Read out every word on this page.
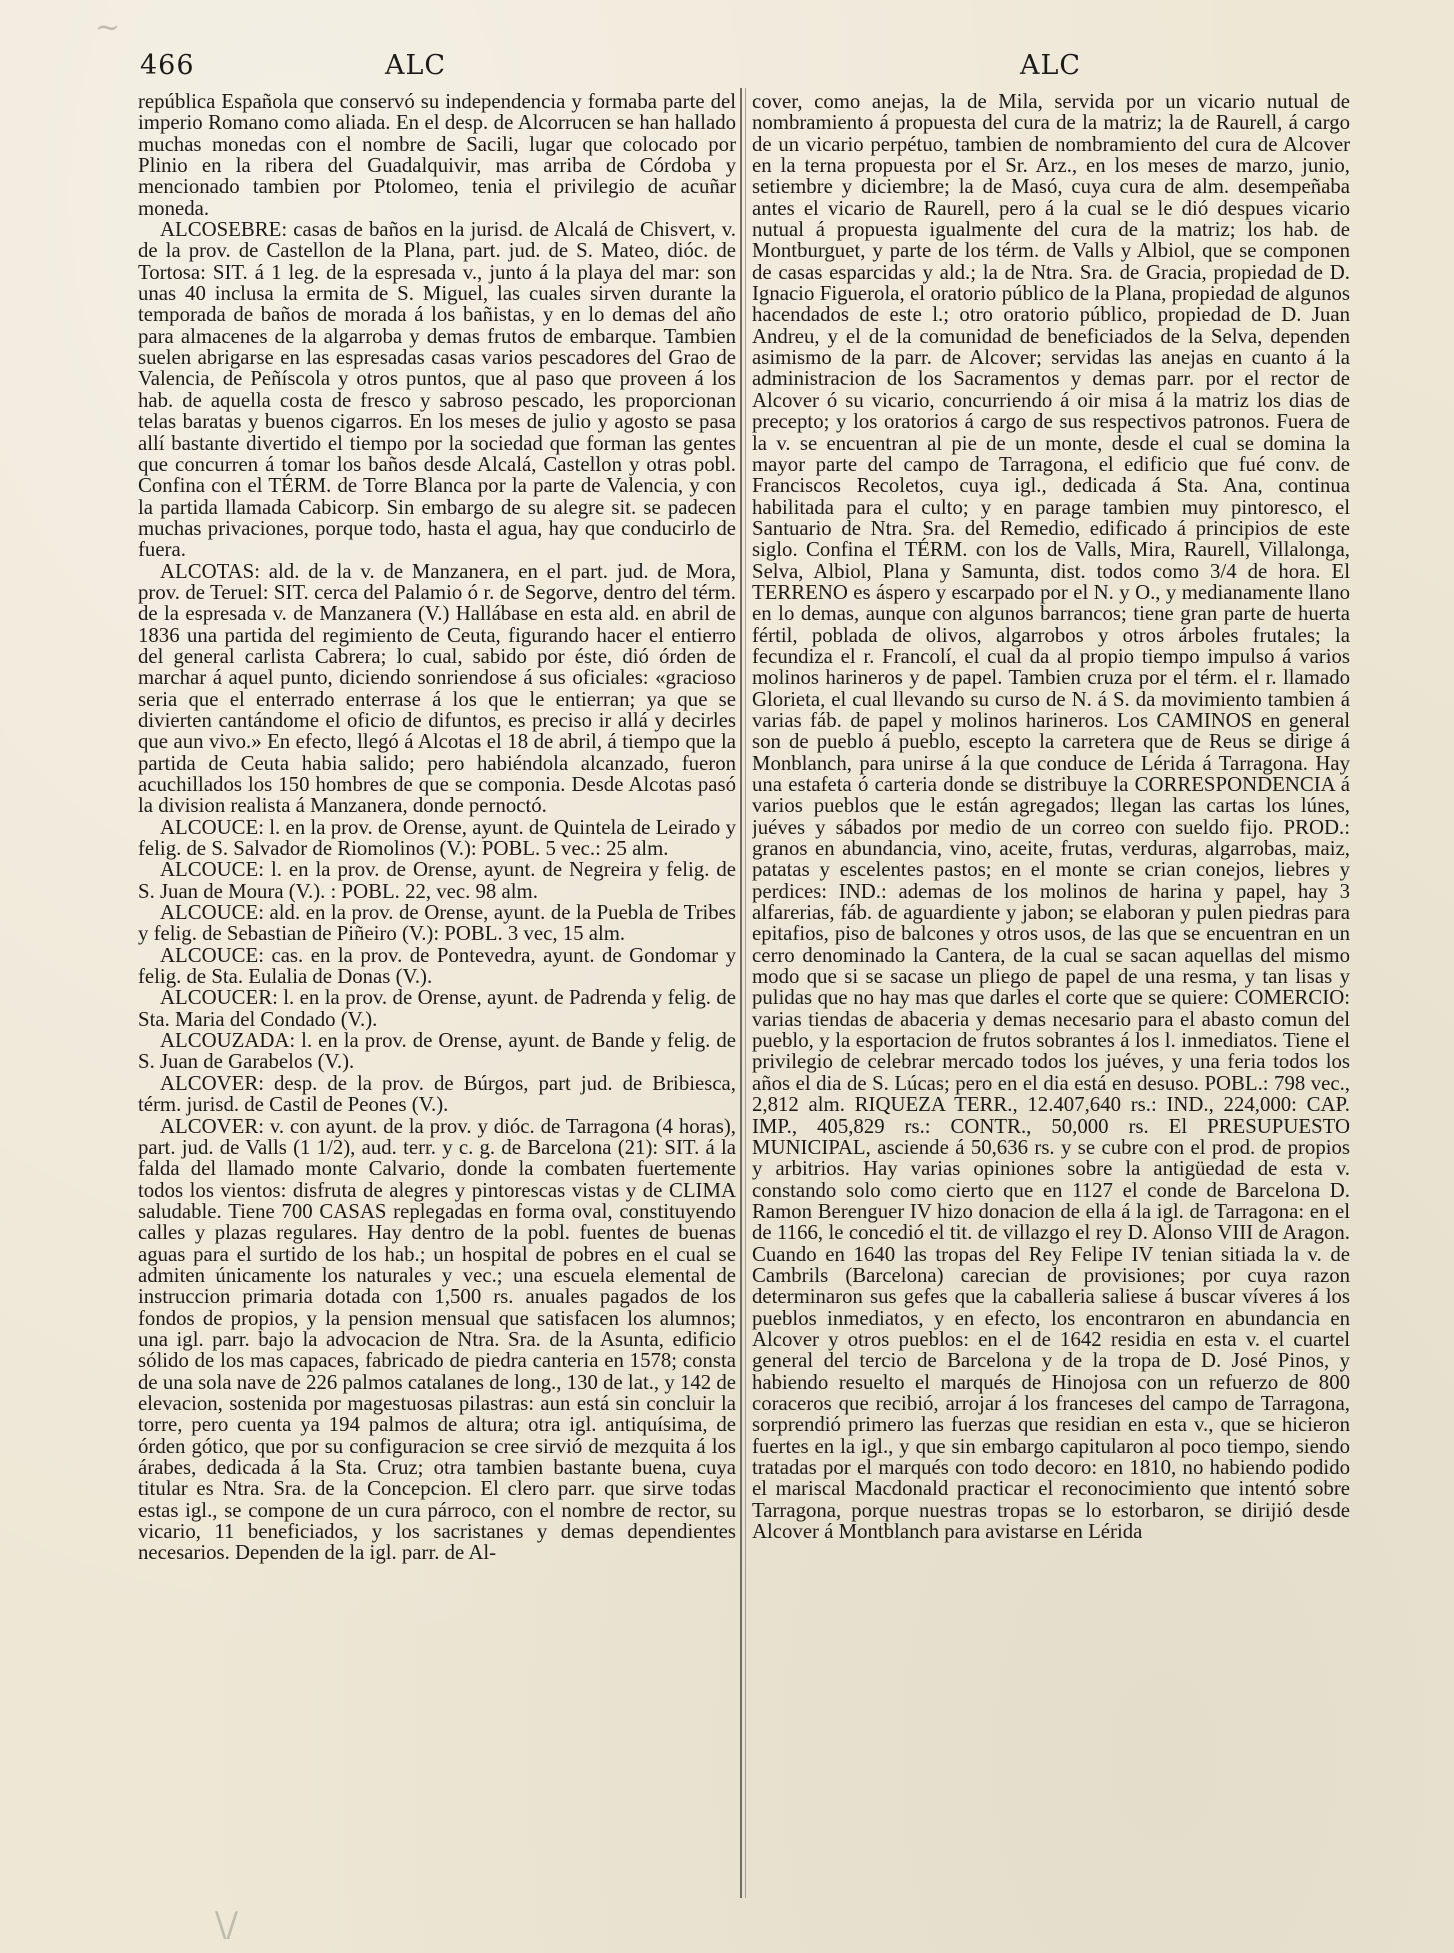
~
466	ALC	ALC

república Española que conservó su independencia y formaba parte del imperio Romano como aliada. En el desp. de Alcorrucen se han hallado muchas monedas con el nombre de Sacili, lugar que colocado por Plinio en la ribera del Guadalquivir, mas arriba de Córdoba y mencionado tambien por Ptolomeo, tenia el privilegio de acuñar moneda.

ALCOSEBRE: casas de baños en la jurisd. de Alcalá de Chisvert, v. de la prov. de Castellon de la Plana, part. jud. de S. Mateo, dióc. de Tortosa: SIT. á 1 leg. de la espresada v., junto á la playa del mar: son unas 40 inclusa la ermita de S. Miguel, las cuales sirven durante la temporada de baños de morada á los bañistas, y en lo demas del año para almacenes de la algarroba y demas frutos de embarque. Tambien suelen abrigarse en las espresadas casas varios pescadores del Grao de Valencia, de Peñíscola y otros puntos, que al paso que proveen á los hab. de aquella costa de fresco y sabroso pescado, les proporcionan telas baratas y buenos cigarros. En los meses de julio y agosto se pasa allí bastante divertido el tiempo por la sociedad que forman las gentes que concurren á tomar los baños desde Alcalá, Castellon y otras pobl. Confina con el TÉRM. de Torre Blanca por la parte de Valencia, y con la partida llamada Cabicorp. Sin embargo de su alegre sit. se padecen muchas privaciones, porque todo, hasta el agua, hay que conducirlo de fuera.

ALCOTAS: ald. de la v. de Manzanera, en el part. jud. de Mora, prov. de Teruel: SIT. cerca del Palamio ó r. de Segorve, dentro del térm. de la espresada v. de Manzanera (V.) Hallábase en esta ald. en abril de 1836 una partida del regimiento de Ceuta, figurando hacer el entierro del general carlista Cabrera; lo cual, sabido por éste, dió órden de marchar á aquel punto, diciendo sonriendose á sus oficiales: «gracioso seria que el enterrado enterrase á los que le entierran; ya que se divierten cantándome el oficio de difuntos, es preciso ir allá y decirles que aun vivo.» En efecto, llegó á Alcotas el 18 de abril, á tiempo que la partida de Ceuta habia salido; pero habiéndola alcanzado, fueron acuchillados los 150 hombres de que se componia. Desde Alcotas pasó la division realista á Manzanera, donde pernoctó.

ALCOUCE: l. en la prov. de Orense, ayunt. de Quintela de Leirado y felig. de S. Salvador de Riomolinos (V.): POBL. 5 vec.: 25 alm.

ALCOUCE: l. en la prov. de Orense, ayunt. de Negreira y felig. de S. Juan de Moura (V.). : POBL. 22, vec. 98 alm.

ALCOUCE: ald. en la prov. de Orense, ayunt. de la Puebla de Tribes y felig. de Sebastian de Piñeiro (V.): POBL. 3 vec, 15 alm.

ALCOUCE: cas. en la prov. de Pontevedra, ayunt. de Gondomar y felig. de Sta. Eulalia de Donas (V.).

ALCOUCER: l. en la prov. de Orense, ayunt. de Padrenda y felig. de Sta. Maria del Condado (V.).

ALCOUZADA: l. en la prov. de Orense, ayunt. de Bande y felig. de S. Juan de Garabelos (V.).

ALCOVER: desp. de la prov. de Búrgos, part jud. de Bribiesca, térm. jurisd. de Castil de Peones (V.).

ALCOVER: v. con ayunt. de la prov. y dióc. de Tarragona (4 horas), part. jud. de Valls (1 1/2), aud. terr. y c. g. de Barcelona (21): SIT. á la falda del llamado monte Calvario, donde la combaten fuertemente todos los vientos: disfruta de alegres y pintorescas vistas y de CLIMA saludable. Tiene 700 CASAS replegadas en forma oval, constituyendo calles y plazas regulares. Hay dentro de la pobl. fuentes de buenas aguas para el surtido de los hab.; un hospital de pobres en el cual se admiten únicamente los naturales y vec.; una escuela elemental de instruccion primaria dotada con 1,500 rs. anuales pagados de los fondos de propios, y la pension mensual que satisfacen los alumnos; una igl. parr. bajo la advocacion de Ntra. Sra. de la Asunta, edificio sólido de los mas capaces, fabricado de piedra canteria en 1578; consta de una sola nave de 226 palmos catalanes de long., 130 de lat., y 142 de elevacion, sostenida por magestuosas pilastras: aun está sin concluir la torre, pero cuenta ya 194 palmos de altura; otra igl. antiquísima, de órden gótico, que por su configuracion se cree sirvió de mezquita á los árabes, dedicada á la Sta. Cruz; otra tambien bastante buena, cuya titular es Ntra. Sra. de la Concepcion. El clero parr. que sirve todas estas igl., se compone de un cura párroco, con el nombre de rector, su vicario, 11 beneficiados, y los sacristanes y demas dependientes necesarios. Dependen de la igl. parr. de Al-

cover, como anejas, la de Mila, servida por un vicario nutual de nombramiento á propuesta del cura de la matriz; la de Raurell, á cargo de un vicario perpétuo, tambien de nombramiento del cura de Alcover en la terna propuesta por el Sr. Arz., en los meses de marzo, junio, setiembre y diciembre; la de Masó, cuya cura de alm. desempeñaba antes el vicario de Raurell, pero á la cual se le dió despues vicario nutual á propuesta igualmente del cura de la matriz; los hab. de Montburguet, y parte de los térm. de Valls y Albiol, que se componen de casas esparcidas y ald.; la de Ntra. Sra. de Gracia, propiedad de D. Ignacio Figuerola, el oratorio público de la Plana, propiedad de algunos hacendados de este l.; otro oratorio público, propiedad de D. Juan Andreu, y el de la comunidad de beneficiados de la Selva, dependen asimismo de la parr. de Alcover; servidas las anejas en cuanto á la administracion de los Sacramentos y demas parr. por el rector de Alcover ó su vicario, concurriendo á oir misa á la matriz los dias de precepto; y los oratorios á cargo de sus respectivos patronos. Fuera de la v. se encuentran al pie de un monte, desde el cual se domina la mayor parte del campo de Tarragona, el edificio que fué conv. de Franciscos Recoletos, cuya igl., dedicada á Sta. Ana, continua habilitada para el culto; y en parage tambien muy pintoresco, el Santuario de Ntra. Sra. del Remedio, edificado á principios de este siglo. Confina el TÉRM. con los de Valls, Mira, Raurell, Villalonga, Selva, Albiol, Plana y Samunta, dist. todos como 3/4 de hora. El TERRENO es áspero y escarpado por el N. y O., y medianamente llano en lo demas, aunque con algunos barrancos; tiene gran parte de huerta fértil, poblada de olivos, algarrobos y otros árboles frutales; la fecundiza el r. Francolí, el cual da al propio tiempo impulso á varios molinos harineros y de papel. Tambien cruza por el térm. el r. llamado Glorieta, el cual llevando su curso de N. á S. da movimiento tambien á varias fáb. de papel y molinos harineros. Los CAMINOS en general son de pueblo á pueblo, escepto la carretera que de Reus se dirige á Monblanch, para unirse á la que conduce de Lérida á Tarragona. Hay una estafeta ó carteria donde se distribuye la CORRESPONDENCIA á varios pueblos que le están agregados; llegan las cartas los lúnes, juéves y sábados por medio de un correo con sueldo fijo. PROD.: granos en abundancia, vino, aceite, frutas, verduras, algarrobas, maiz, patatas y escelentes pastos; en el monte se crian conejos, liebres y perdices: IND.: ademas de los molinos de harina y papel, hay 3 alfarerias, fáb. de aguardiente y jabon; se elaboran y pulen piedras para epitafios, piso de balcones y otros usos, de las que se encuentran en un cerro denominado la Cantera, de la cual se sacan aquellas del mismo modo que si se sacase un pliego de papel de una resma, y tan lisas y pulidas que no hay mas que darles el corte que se quiere: COMERCIO: varias tiendas de abaceria y demas necesario para el abasto comun del pueblo, y la esportacion de frutos sobrantes á los l. inmediatos. Tiene el privilegio de celebrar mercado todos los juéves, y una feria todos los años el dia de S. Lúcas; pero en el dia está en desuso. POBL.: 798 vec., 2,812 alm. RIQUEZA TERR., 12.407,640 rs.: IND., 224,000: CAP. IMP., 405,829 rs.: CONTR., 50,000 rs. El PRESUPUESTO MUNICIPAL, asciende á 50,636 rs. y se cubre con el prod. de propios y arbitrios. Hay varias opiniones sobre la antigüedad de esta v. constando solo como cierto que en 1127 el conde de Barcelona D. Ramon Berenguer IV hizo donacion de ella á la igl. de Tarragona: en el de 1166, le concedió el tit. de villazgo el rey D. Alonso VIII de Aragon. Cuando en 1640 las tropas del Rey Felipe IV tenian sitiada la v. de Cambrils (Barcelona) carecian de provisiones; por cuya razon determinaron sus gefes que la caballeria saliese á buscar víveres á los pueblos inmediatos, y en efecto, los encontraron en abundancia en Alcover y otros pueblos: en el de 1642 residia en esta v. el cuartel general del tercio de Barcelona y de la tropa de D. José Pinos, y habiendo resuelto el marqués de Hinojosa con un refuerzo de 800 coraceros que recibió, arrojar á los franceses del campo de Tarragona, sorprendió primero las fuerzas que residian en esta v., que se hicieron fuertes en la igl., y que sin embargo capitularon al poco tiempo, siendo tratadas por el marqués con todo decoro: en 1810, no habiendo podido el mariscal Macdonald practicar el reconocimiento que intentó sobre Tarragona, porque nuestras tropas se lo estorbaron, se dirijió desde Alcover á Montblanch para avistarse en Lérida

\/
